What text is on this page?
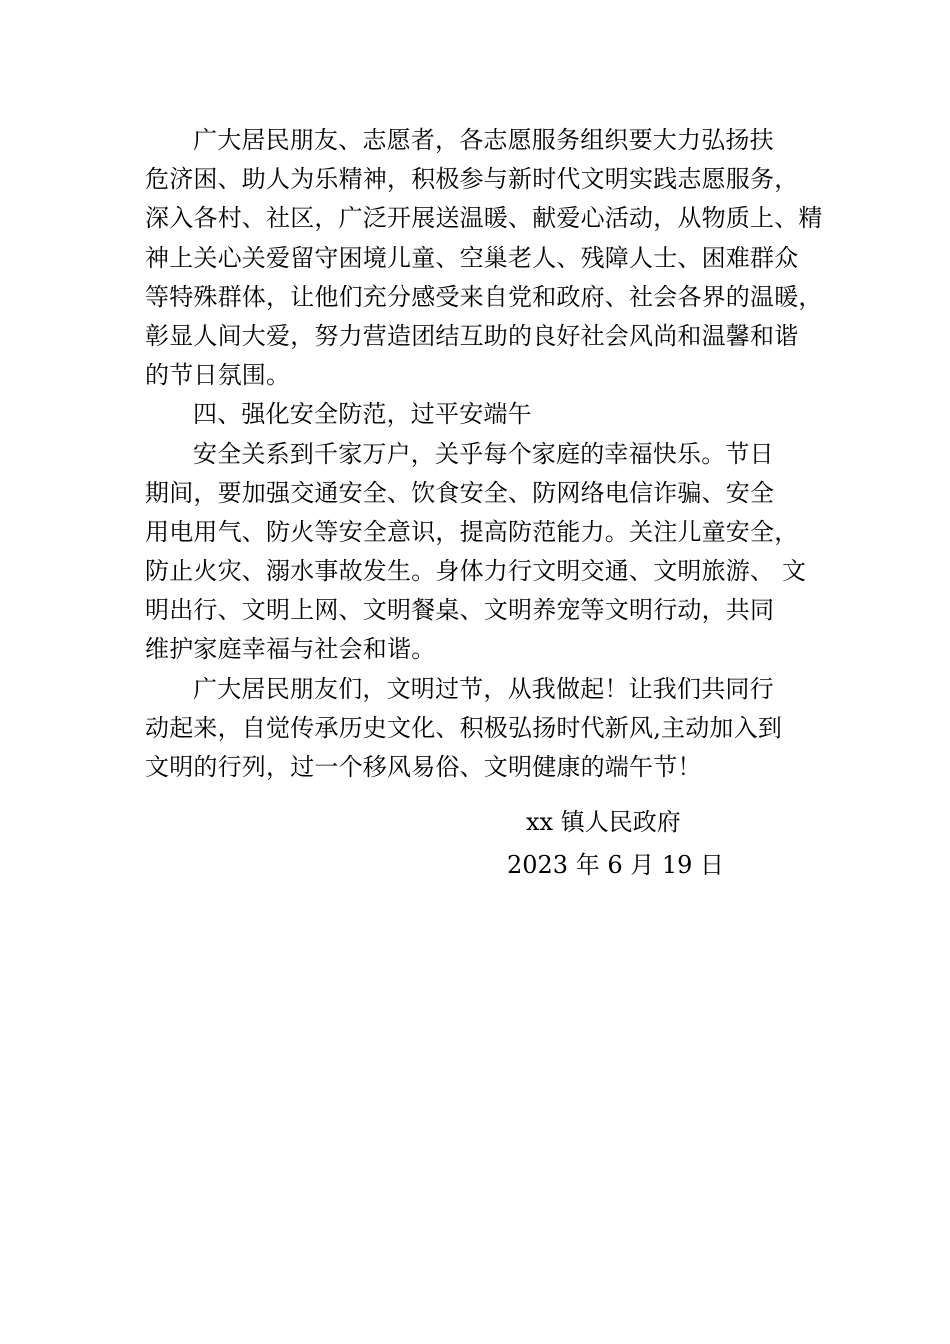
广大居民朋友、志愿者，各志愿服务组织要大力弘扬扶
危济困、助人为乐精神，积极参与新时代文明实践志愿服务，
深入各村、社区，广泛开展送温暖、献爱心活动，从物质上、精
神上关心关爱留守困境儿童、空巢老人、残障人士、困难群众
等特殊群体，让他们充分感受来自党和政府、社会各界的温暖，
彰显人间大爱，努力营造团结互助的良好社会风尚和温馨和谐
的节日氛围。
四、强化安全防范，过平安端午
安全关系到千家万户，关乎每个家庭的幸福快乐。节日
期间，要加强交通安全、饮食安全、防网络电信诈骗、安全
用电用气、防火等安全意识，提高防范能力。关注儿童安全，
防止火灾、溺水事故发生。身体力行文明交通、文明旅游、 文
明出行、文明上网、文明餐桌、文明养宠等文明行动，共同
维护家庭幸福与社会和谐。
广大居民朋友们，文明过节，从我做起！让我们共同行
动起来，自觉传承历史文化、积极弘扬时代新风,主动加入到
文明的行列，过一个移风易俗、文明健康的端午节！
xx 镇人民政府
2023 年 6 月 19 日
